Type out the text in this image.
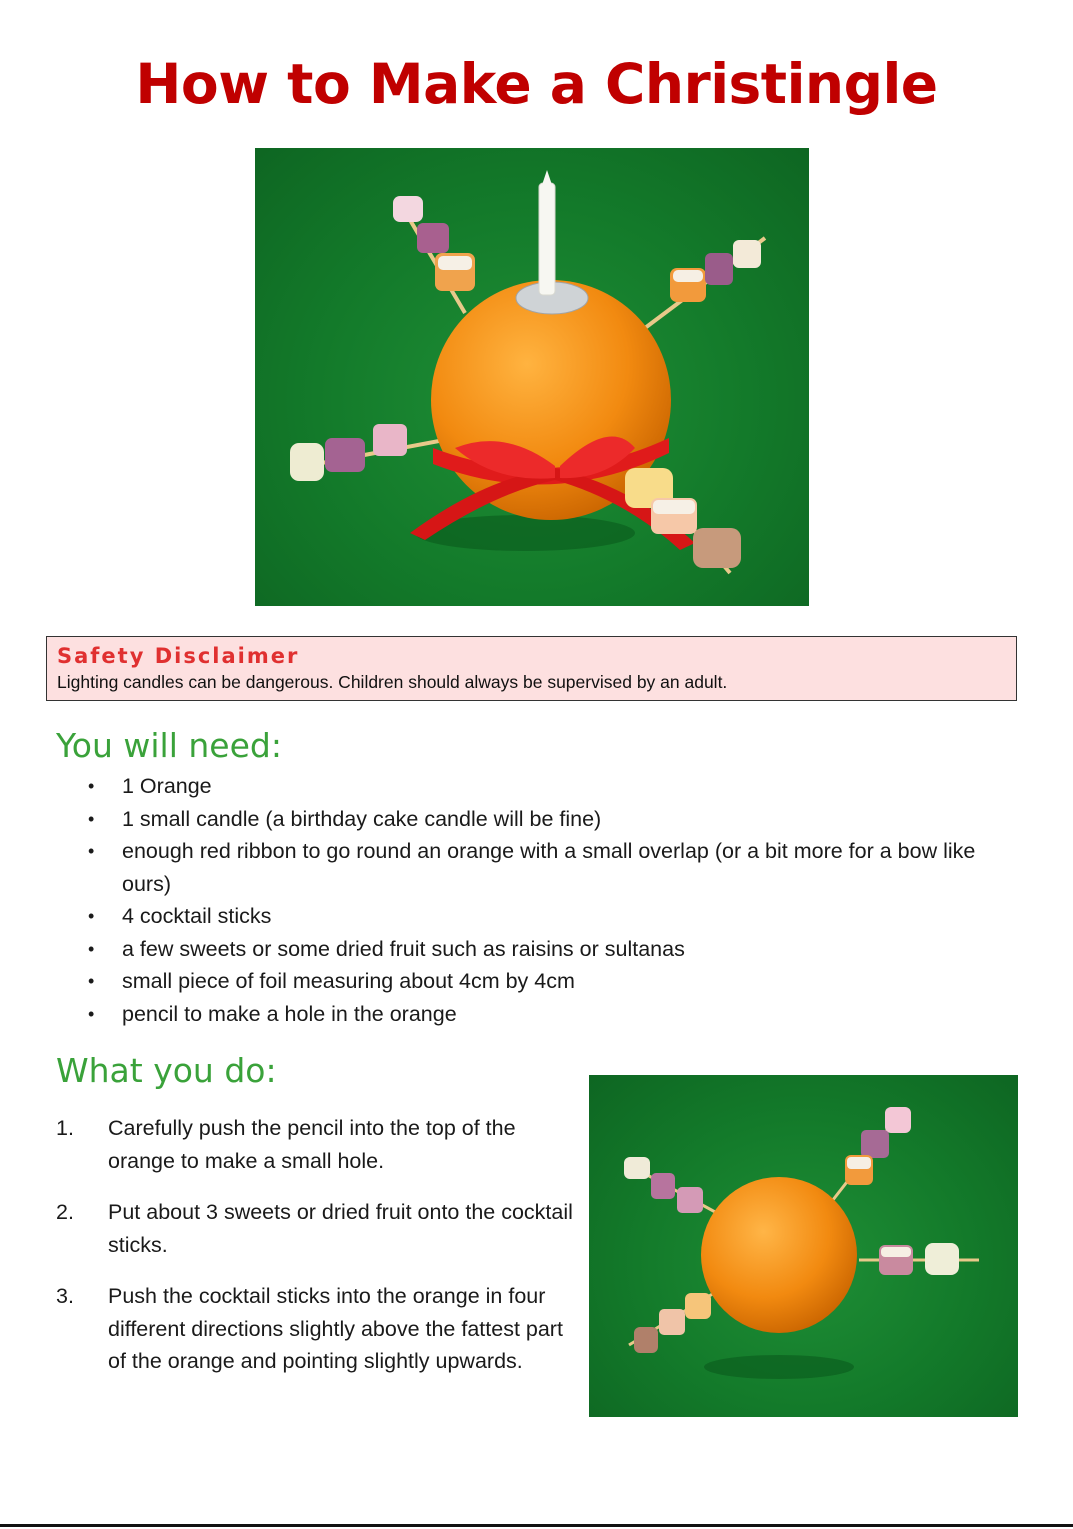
How to Make a Christingle

Safety Disclaimer

Lighting candles can be dangerous. Children should always be supervised by an adult.

You will need:
• 1 Orange
• 1 small candle (a birthday cake candle will be fine)
• enough red ribbon to go round an orange with a small overlap (or a bit more for a bow like ours)
• 4 cocktail sticks
• a few sweets or some dried fruit such as raisins or sultanas
• small piece of foil measuring about 4cm by 4cm
• pencil to make a hole in the orange
What you do:
1. Carefully push the pencil into the top of the orange to make a small hole.
2. Put about 3 sweets or dried fruit onto the cocktail sticks.
3. Push the cocktail sticks into the orange in four different directions slightly above the fattest part of the orange and pointing slightly upwards.
